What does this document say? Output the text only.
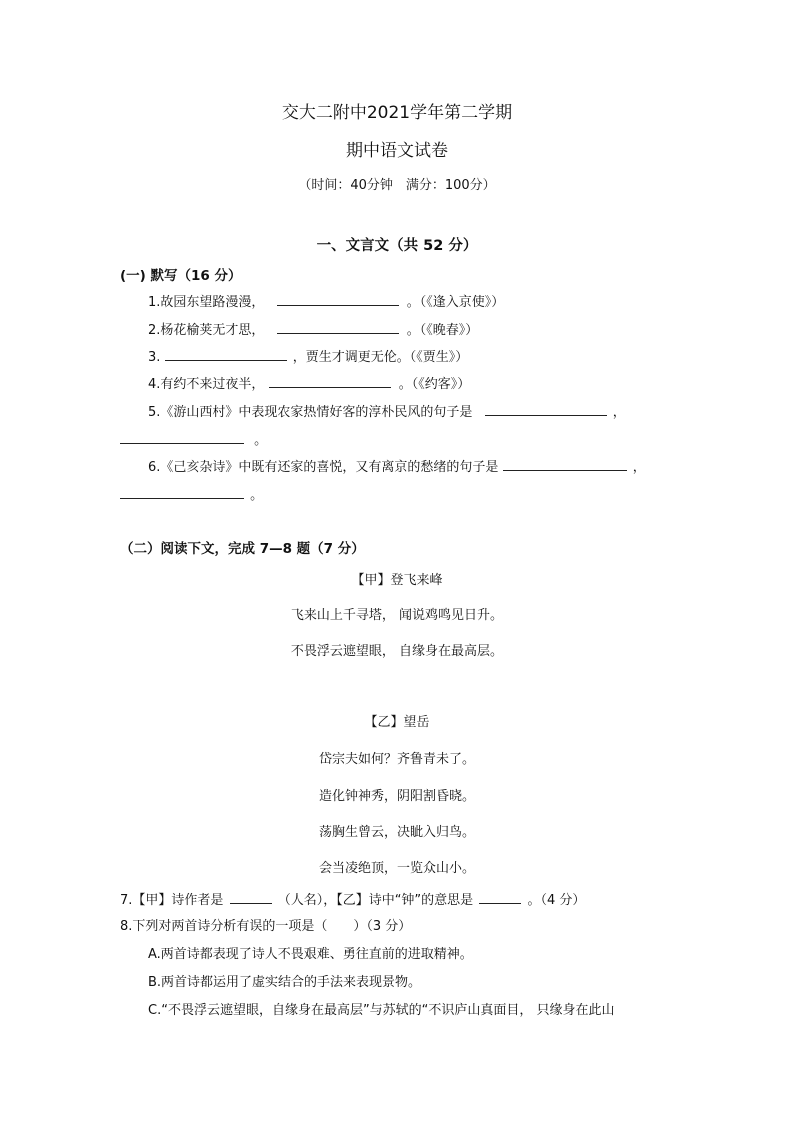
交大二附中2021学年第二学期
期中语文试卷
（时间：40分钟　满分：100分）
一、文言文（共 52 分）
(一) 默写（16 分）
1.故园东望路漫漫，	。（《逢入京使》）
2.杨花榆荚无才思，	。（《晚春》）
3.	，贾生才调更无伦。（《贾生》）
4.有约不来过夜半，	。（《约客》）
5.《游山西村》中表现农家热情好客的淳朴民风的句子是	，
。
6.《己亥杂诗》中既有还家的喜悦，又有离京的愁绪的句子是	，
。
（二）阅读下文，完成 7—8 题（7 分）
【甲】登飞来峰
飞来山上千寻塔， 闻说鸡鸣见日升。
不畏浮云遮望眼， 自缘身在最高层。
【乙】望岳
岱宗夫如何？齐鲁青未了。
造化钟神秀，阴阳割昏晓。
荡胸生曾云，决眦入归鸟。
会当凌绝顶，一览众山小。
7.【甲】诗作者是	（人名），【乙】诗中“钟”的意思是	。（4 分）
8.下列对两首诗分析有误的一项是（　　）（3 分）
A.两首诗都表现了诗人不畏艰难、勇往直前的进取精神。
B.两首诗都运用了虚实结合的手法来表现景物。
C.“不畏浮云遮望眼，自缘身在最高层”与苏轼的“不识庐山真面目， 只缘身在此山
